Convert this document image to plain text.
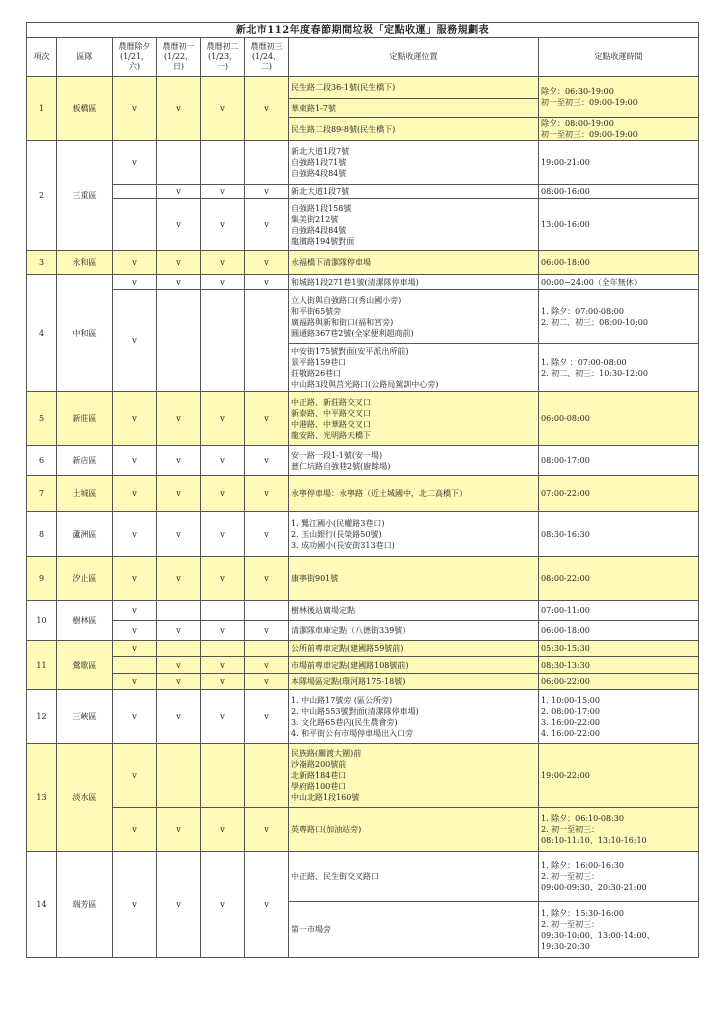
新北市112年度春節期間垃圾「定點收運」服務規劃表							
項次	區隊	農曆除夕
(1/21，
六)	農曆初一
(1/22，
日)	農曆初二
(1/23，
一)	農曆初三
(1/24，
二)	定點收運位置	定點收運時間
1	板橋區	v	v	v	v	民生路二段36-1號(民生橋下)	除夕：06:30-19:00
初一至初三：09:00-19:00
						華東路1-7號	
						民生路二段89-8號(民生橋下)	除夕：08:00-19:00
初一至初三：09:00-19:00
2	三重區	v				新北大道1段7號
自強路1段71號
自強路4段84號	19:00-21:00
			v	v	v	新北大道1段7號	08:00-16:00
			v	v	v	自強路1段158號
集美街212號
自強路4段84號
龍濱路194號對面	13:00-16:00
3	永和區	v	v	v	v	永福橋下清潔隊停車場	06:00-18:00
4	中和區	v	v	v	v	和城路1段271巷1號(清潔隊停車場)	00:00~24:00（全年無休）
		v				立人街與自強路口(秀山國小旁)
和平街65號旁
廣福路與新和街口(福和宮旁)
圓通路367巷2號(全家便利超商前)	1. 除夕：07:00-08:00
2. 初二、初三：08:00-10:00
						中安街175號對面(安平派出所前)
景平路159巷口
莊敬路26巷口
中山路3段與莒光路口(公路局駕訓中心旁)	1. 除夕 ：07:00-08:00
2. 初二、初三：10:30-12:00
5	新莊區	v	v	v	v	中正路、新莊路交叉口
新泰路、中平路交叉口
中港路、中華路交叉口
龍安路、光明路天橋下	06:00-08:00
6	新店區	v	v	v	v	安一路一段1-1號(安一場)
薏仁坑路自強巷2號(廚餘場)	08:00-17:00
7	土城區	v	v	v	v	永寧停車場：永寧路（近土城國中，北二高橋下）	07:00-22:00
8	蘆洲區	v	v	v	v	1. 鷺江國小(民權路3巷口)
2. 玉山銀行(長榮路50號)
3. 成功國小(長安街313巷口)	08:30-16:30
9	汐止區	v	v	v	v	康寧街901號	08:00-22:00
10	樹林區	v				樹林後站廣場定點	07:00-11:00
		v	v	v	v	清潔隊車庫定點（八德街339號）	06:00-18:00
11	鶯歌區	v				公所前專車定點(建國路59號前)	05:30-15:30
			v	v	v	市場前專車定點(建國路108號前)	08:30-13:30
		v	v	v	v	本隊場區定點(環河路175-18號)	06:00-22:00
12	三峽區	v	v	v	v	1. 中山路17號旁 (區公所旁)
2. 中山路553號對面(清潔隊停車場)
3. 文化路65巷內(民生農會旁)
4. 和平街公有市場停車場出入口旁	1. 10:00-15:00
2. 08:00-17:00
3. 16:00-22:00
4. 16:00-22:00
13	淡水區	v				民族路(關渡大圍)前
沙崙路200號前
北新路184巷口
學府路100巷口
中山北路1段160號	19:00-22:00
		v	v	v	v	英專路口(加油站旁)	1. 除夕：06:10-08:30
2. 初一至初三：
08:10-11:10、13:10-16:10
14	瑞芳區	v	v	v	v	中正路、民生街交叉路口	1. 除夕：16:00-16:30
2. 初一至初三：
09:00-09:30、20:30-21:00
						第一市場旁	1. 除夕：15:30-16:00
2. 初一至初三：
09:30-10:00、13:00-14:00、
19:30-20:30
